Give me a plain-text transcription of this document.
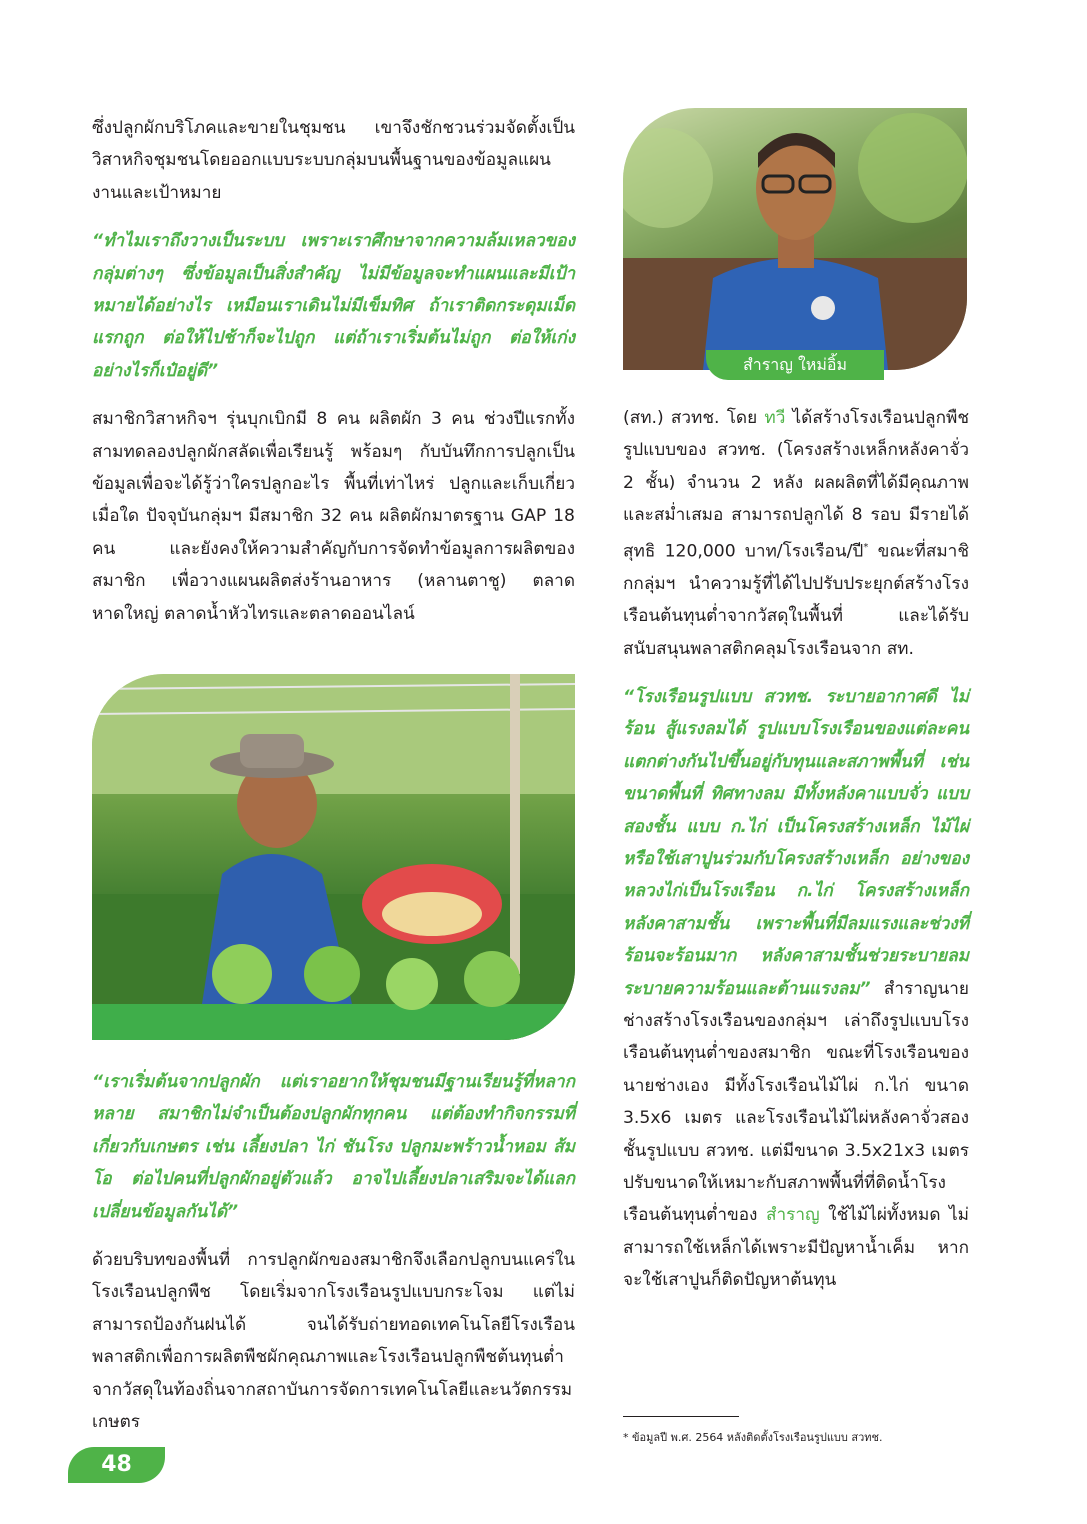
ซึ่งปลูกผักบริโภคและขายในชุมชน เขาจึงชักชวนร่วมจัดตั้งเป็นวิสาหกิจชุมชนโดยออกแบบระบบกลุ่มบนพื้นฐานของข้อมูลแผนงานและเป้าหมาย

“ทำไมเราถึงวางเป็นระบบ เพราะเราศึกษาจากความล้มเหลวของกลุ่มต่างๆ ซึ่งข้อมูลเป็นสิ่งสำคัญ ไม่มีข้อมูลจะทำแผนและมีเป้าหมายได้อย่างไร เหมือนเราเดินไม่มีเข็มทิศ ถ้าเราติดกระดุมเม็ดแรกถูก ต่อให้ไปช้าก็จะไปถูก แต่ถ้าเราเริ่มต้นไม่ถูก ต่อให้เก่งอย่างไรก็เป๋อยู่ดี”

สมาชิกวิสาหกิจฯ รุ่นบุกเบิกมี 8 คน ผลิตผัก 3 คน ช่วงปีแรกทั้งสามทดลองปลูกผักสลัดเพื่อเรียนรู้ พร้อมๆ กับบันทึกการปลูกเป็นข้อมูลเพื่อจะได้รู้ว่าใครปลูกอะไร พื้นที่เท่าไหร่ ปลูกและเก็บเกี่ยวเมื่อใด ปัจจุบันกลุ่มฯ มีสมาชิก 32 คน ผลิตผักมาตรฐาน GAP 18 คน และยังคงให้ความสำคัญกับการจัดทำข้อมูลการผลิตของสมาชิก เพื่อวางแผนผลิตส่งร้านอาหาร (หลานตาชู) ตลาดหาดใหญ่ ตลาดน้ำหัวไทรและตลาดออนไลน์

“เราเริ่มต้นจากปลูกผัก แต่เราอยากให้ชุมชนมีฐานเรียนรู้ที่หลากหลาย สมาชิกไม่จำเป็นต้องปลูกผักทุกคน แต่ต้องทำกิจกรรมที่เกี่ยวกับเกษตร เช่น เลี้ยงปลา ไก่ ชันโรง ปลูกมะพร้าวน้ำหอม ส้มโอ ต่อไปคนที่ปลูกผักอยู่ตัวแล้ว อาจไปเลี้ยงปลาเสริมจะได้แลกเปลี่ยนข้อมูลกันได้”

ด้วยบริบทของพื้นที่ การปลูกผักของสมาชิกจึงเลือกปลูกบนแคร่ในโรงเรือนปลูกพืช โดยเริ่มจากโรงเรือนรูปแบบกระโจม แต่ไม่สามารถป้องกันฝนได้ จนได้รับถ่ายทอดเทคโนโลยีโรงเรือนพลาสติกเพื่อการผลิตพืชผักคุณภาพและโรงเรือนปลูกพืชต้นทุนต่ำจากวัสดุในท้องถิ่นจากสถาบันการจัดการเทคโนโลยีและนวัตกรรมเกษตร

สำราญ ใหม่อิ้ม

(สท.) สวทช. โดย ทวี ได้สร้างโรงเรือนปลูกพืชรูปแบบของ สวทช. (โครงสร้างเหล็กหลังคาจั่ว 2 ชั้น) จำนวน 2 หลัง ผลผลิตที่ได้มีคุณภาพและสม่ำเสมอ สามารถปลูกได้ 8 รอบ มีรายได้สุทธิ 120,000 บาท/โรงเรือน/ปี* ขณะที่สมาชิกกลุ่มฯ นำความรู้ที่ได้ไปปรับประยุกต์สร้างโรงเรือนต้นทุนต่ำจากวัสดุในพื้นที่ และได้รับสนับสนุนพลาสติกคลุมโรงเรือนจาก สท.

“โรงเรือนรูปแบบ สวทช. ระบายอากาศดี ไม่ร้อน สู้แรงลมได้ รูปแบบโรงเรือนของแต่ละคนแตกต่างกันไปขึ้นอยู่กับทุนและสภาพพื้นที่ เช่น ขนาดพื้นที่ ทิศทางลม มีทั้งหลังคาแบบจั่ว แบบสองชั้น แบบ ก.ไก่ เป็นโครงสร้างเหล็ก ไม้ไผ่ หรือใช้เสาปูนร่วมกับโครงสร้างเหล็ก อย่างของหลวงไก่เป็นโรงเรือน ก.ไก่ โครงสร้างเหล็กหลังคาสามชั้น เพราะพื้นที่มีลมแรงและช่วงที่ร้อนจะร้อนมาก หลังคาสามชั้นช่วยระบายลมระบายความร้อนและต้านแรงลม” สำราญนายช่างสร้างโรงเรือนของกลุ่มฯ เล่าถึงรูปแบบโรงเรือนต้นทุนต่ำของสมาชิก ขณะที่โรงเรือนของนายช่างเอง มีทั้งโรงเรือนไม้ไผ่ ก.ไก่ ขนาด 3.5x6 เมตร และโรงเรือนไม้ไผ่หลังคาจั่วสองชั้นรูปแบบ สวทช. แต่มีขนาด 3.5x21x3 เมตร ปรับขนาดให้เหมาะกับสภาพพื้นที่ที่ติดน้ำโรงเรือนต้นทุนต่ำของ สำราญ ใช้ไม้ไผ่ทั้งหมด ไม่สามารถใช้เหล็กได้เพราะมีปัญหาน้ำเค็ม หากจะใช้เสาปูนก็ติดปัญหาต้นทุน

* ข้อมูลปี พ.ศ. 2564 หลังติดตั้งโรงเรือนรูปแบบ สวทช.
48
